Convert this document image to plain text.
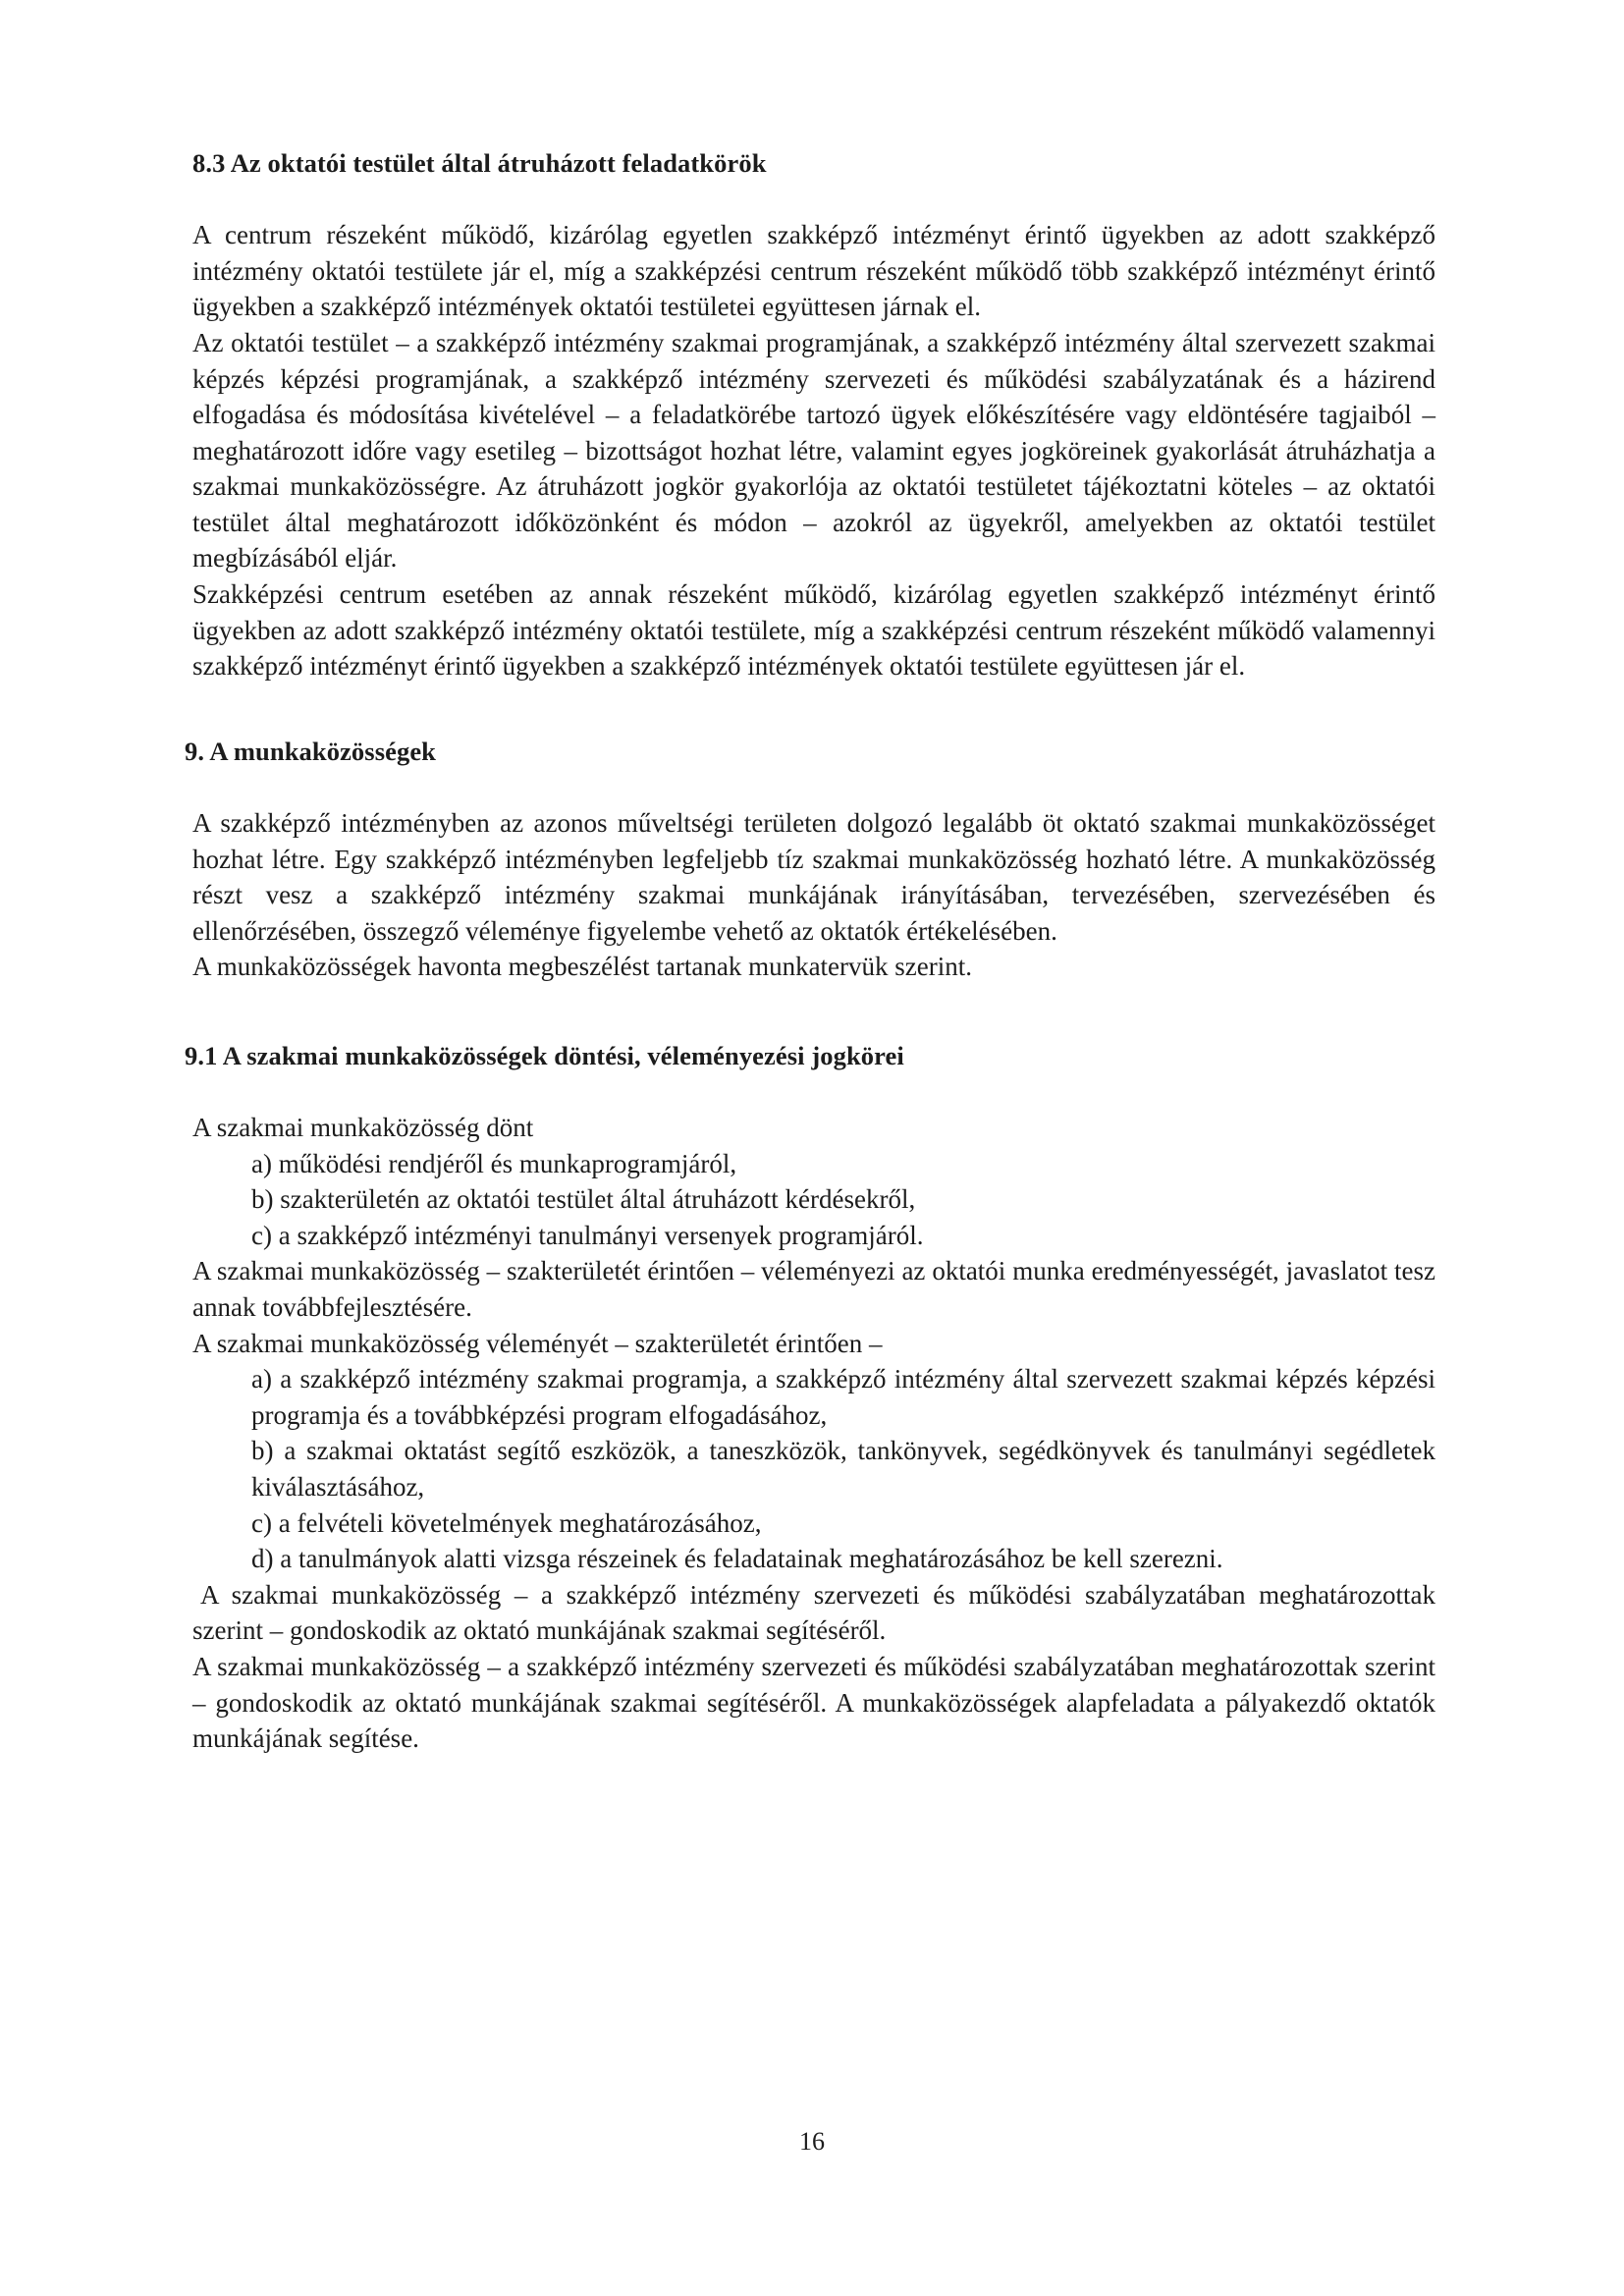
8.3 Az oktatói testület által átruházott feladatkörök

A centrum részeként működő, kizárólag egyetlen szakképző intézményt érintő ügyekben az adott szakképző intézmény oktatói testülete jár el, míg a szakképzési centrum részeként működő több szakképző intézményt érintő ügyekben a szakképző intézmények oktatói testületei együttesen járnak el.

Az oktatói testület – a szakképző intézmény szakmai programjának, a szakképző intézmény által szervezett szakmai képzés képzési programjának, a szakképző intézmény szervezeti és működési szabályzatának és a házirend elfogadása és módosítása kivételével – a feladatkörébe tartozó ügyek előkészítésére vagy eldöntésére tagjaiból – meghatározott időre vagy esetileg – bizottságot hozhat létre, valamint egyes jogköreinek gyakorlását átruházhatja a szakmai munkaközösségre. Az átruházott jogkör gyakorlója az oktatói testületet tájékoztatni köteles – az oktatói testület által meghatározott időközönként és módon – azokról az ügyekről, amelyekben az oktatói testület megbízásából eljár.

Szakképzési centrum esetében az annak részeként működő, kizárólag egyetlen szakképző intézményt érintő ügyekben az adott szakképző intézmény oktatói testülete, míg a szakképzési centrum részeként működő valamennyi szakképző intézményt érintő ügyekben a szakképző intézmények oktatói testülete együttesen jár el.

9. A munkaközösségek

A szakképző intézményben az azonos műveltségi területen dolgozó legalább öt oktató szakmai munkaközösséget hozhat létre. Egy szakképző intézményben legfeljebb tíz szakmai munkaközösség hozható létre. A munkaközösség részt vesz a szakképző intézmény szakmai munkájának irányításában, tervezésében, szervezésében és ellenőrzésében, összegző véleménye figyelembe vehető az oktatók értékelésében.

A munkaközösségek havonta megbeszélést tartanak munkatervük szerint.

9.1 A szakmai munkaközösségek döntési, véleményezési jogkörei

A szakmai munkaközösség dönt

a) működési rendjéről és munkaprogramjáról,
b) szakterületén az oktatói testület által átruházott kérdésekről,
c) a szakképző intézményi tanulmányi versenyek programjáról.

A szakmai munkaközösség – szakterületét érintően – véleményezi az oktatói munka eredményességét, javaslatot tesz annak továbbfejlesztésére.

A szakmai munkaközösség véleményét – szakterületét érintően –

a) a szakképző intézmény szakmai programja, a szakképző intézmény által szervezett szakmai képzés képzési programja és a továbbképzési program elfogadásához,
b) a szakmai oktatást segítő eszközök, a taneszközök, tankönyvek, segédkönyvek és tanulmányi segédletek kiválasztásához,
c) a felvételi követelmények meghatározásához,
d) a tanulmányok alatti vizsga részeinek és feladatainak meghatározásához be kell szerezni.

A szakmai munkaközösség – a szakképző intézmény szervezeti és működési szabályzatában meghatározottak szerint – gondoskodik az oktató munkájának szakmai segítéséről.

A szakmai munkaközösség – a szakképző intézmény szervezeti és működési szabályzatában meghatározottak szerint – gondoskodik az oktató munkájának szakmai segítéséről. A munkaközösségek alapfeladata a pályakezdő oktatók munkájának segítése.

16
